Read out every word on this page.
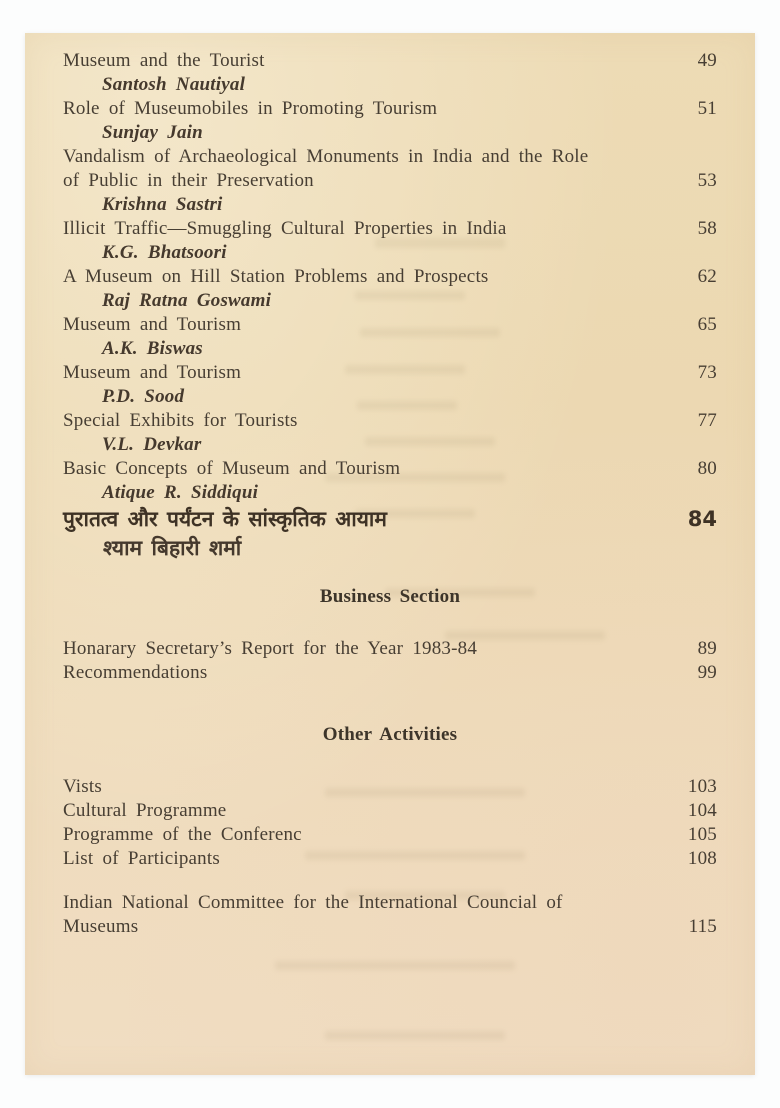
Museum and the Tourist	49
Santosh Nautiyal
Role of Museumobiles in Promoting Tourism	51
Sunjay Jain
Vandalism of Archaeological Monuments in India and the Role
of Public in their Preservation	53
Krishna Sastri
Illicit Traffic—Smuggling Cultural Properties in India	58
K.G. Bhatsoori
A Museum on Hill Station Problems and Prospects	62
Raj Ratna Goswami
Museum and Tourism	65
A.K. Biswas
Museum and Tourism	73
P.D. Sood
Special Exhibits for Tourists	77
V.L. Devkar
Basic Concepts of Museum and Tourism	80
Atique R. Siddiqui
पुरातत्व और पर्यंटन के सांस्कृतिक आयाम	84
श्याम बिहारी शर्मा
Business Section
Honarary Secretary’s Report for the Year 1983-84	89
Recommendations	99
Other Activities
Vists	103
Cultural Programme	104
Programme of the Conferenc	105
List of Participants	108
Indian National Committee for the International Councial of
Museums	115
